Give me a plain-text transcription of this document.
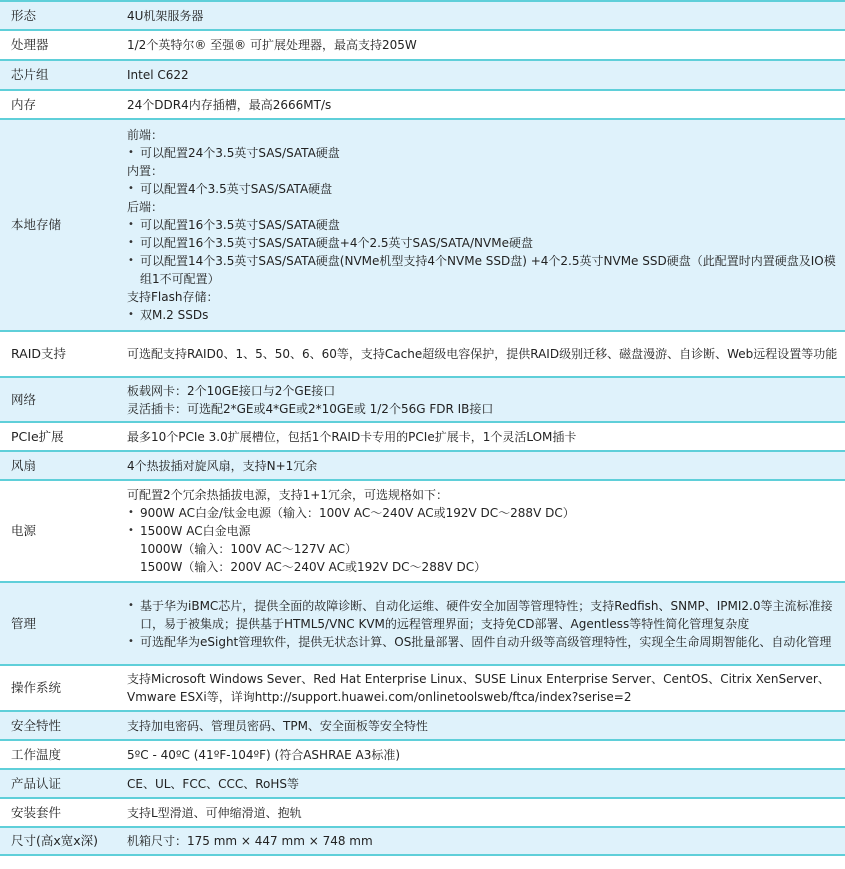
形态	4U机架服务器

处理器	1/2个英特尔® 至强® 可扩展处理器，最高支持205W

芯片组	Intel C622

内存	24个DDR4内存插槽，最高2666MT/s

本地存储	
前端：
• 可以配置24个3.5英寸SAS/SATA硬盘
内置：
• 可以配置4个3.5英寸SAS/SATA硬盘
后端：
• 可以配置16个3.5英寸SAS/SATA硬盘
• 可以配置16个3.5英寸SAS/SATA硬盘+4个2.5英寸SAS/SATA/NVMe硬盘
• 可以配置14个3.5英寸SAS/SATA硬盘(NVMe机型支持4个NVMe SSD盘) +4个2.5英寸NVMe SSD硬盘（此配置时内置硬盘及IO模组1不可配置）
支持Flash存储：
• 双M.2 SSDs

RAID支持	可选配支持RAID0、1、5、50、6、60等，支持Cache超级电容保护，提供RAID级别迁移、磁盘漫游、自诊断、Web远程设置等功能

网络	板载网卡：2个10GE接口与2个GE接口
灵活插卡：可选配2*GE或4*GE或2*10GE或 1/2个56G FDR IB接口

PCIe扩展	最多10个PCIe 3.0扩展槽位，包括1个RAID卡专用的PCIe扩展卡，1个灵活LOM插卡

风扇	4个热拔插对旋风扇，支持N+1冗余

电源	可配置2个冗余热插拔电源，支持1+1冗余，可选规格如下：
• 900W AC白金/钛金电源（输入：100V AC～240V AC或192V DC～288V DC）
• 1500W AC白金电源
1000W（输入：100V AC～127V AC）
1500W（输入：200V AC～240V AC或192V DC～288V DC）

管理	• 基于华为iBMC芯片，提供全面的故障诊断、自动化运维、硬件安全加固等管理特性；支持Redfish、SNMP、IPMI2.0等主流标准接口，易于被集成；提供基于HTML5/VNC KVM的远程管理界面；支持免CD部署、Agentless等特性简化管理复杂度
• 可选配华为eSight管理软件，提供无状态计算、OS批量部署、固件自动升级等高级管理特性，实现全生命周期智能化、自动化管理

操作系统	支持Microsoft Windows Sever、Red Hat Enterprise Linux、SUSE Linux Enterprise Server、CentOS、Citrix XenServer、Vmware ESXi等，详询http://support.huawei.com/onlinetoolsweb/ftca/index?serise=2

安全特性	支持加电密码、管理员密码、TPM、安全面板等安全特性

工作温度	5ºC - 40ºC (41ºF-104ºF) (符合ASHRAE A3标准)

产品认证	CE、UL、FCC、CCC、RoHS等

安装套件	支持L型滑道、可伸缩滑道、抱轨

尺寸(高x宽x深)	机箱尺寸：175 mm × 447 mm × 748 mm
